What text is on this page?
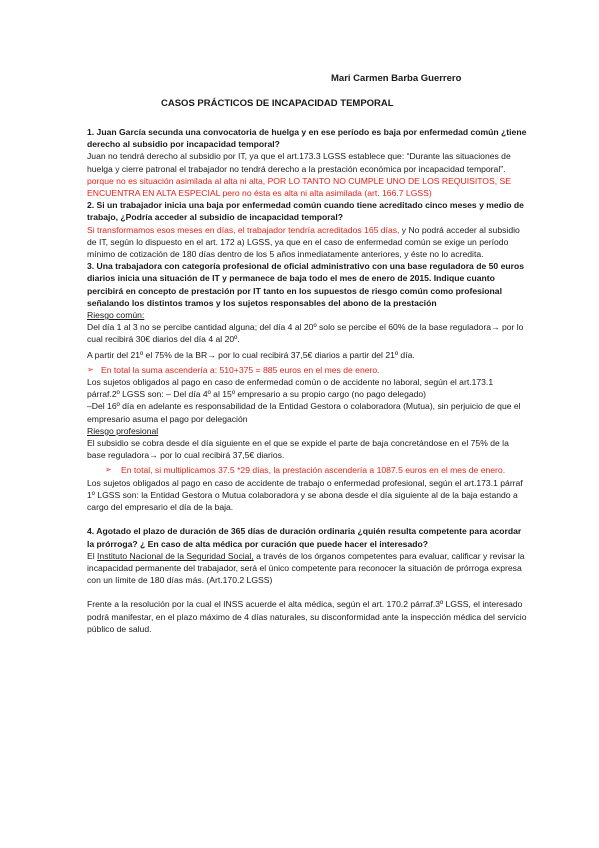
Mari Carmen Barba Guerrero
CASOS PRÁCTICOS DE INCAPACIDAD TEMPORAL

1. Juan García secunda una convocatoria de huelga y en ese período es baja por enfermedad común ¿tiene derecho al subsidio por incapacidad temporal?

Juan no tendrá derecho al subsidio por IT, ya que el art.173.3 LGSS establece que: “Durante las situaciones de huelga y cierre patronal el trabajador no tendrá derecho a la prestación económica por incapacidad temporal”. porque no es situación asimilada al alta ni alta, POR LO TANTO NO CUMPLE UNO DE LOS REQUISITOS, SE ENCUENTRA EN ALTA ESPECIAL pero no ésta es alta ni alta asimilada (art. 166.7 LGSS)

2. Si un trabajador inicia una baja por enfermedad común cuando tiene acreditado cinco meses y medio de trabajo, ¿Podría acceder al subsidio de incapacidad temporal?

Si transformamos esos meses en días, el trabajador tendría acreditados 165 días, y No podrá acceder al subsidio de IT, según lo dispuesto en el art. 172 a) LGSS, ya que en el caso de enfermedad común se exige un período mínimo de cotización de 180 días dentro de los 5 años inmediatamente anteriores, y éste no lo acredita.

3. Una trabajadora con categoría profesional de oficial administrativo con una base reguladora de 50 euros diarios inicia una situación de IT y permanece de baja todo el mes de enero de 2015. Indique cuanto percibirá en concepto de prestación por IT tanto en los supuestos de riesgo común como profesional señalando los distintos tramos y los sujetos responsables del abono de la prestación

Riesgo común:

Del día 1 al 3 no se percibe cantidad alguna; del día 4 al 20º solo se percibe el 60% de la base reguladora→ por lo cual recibirá 30€ diarios del día 4 al 20º.

A partir del 21º el 75% de la BR→ por lo cual recibirá 37,5€ diarios a partir del 21º día.

➢ En total la suma ascendería a: 510+375 = 885 euros en el mes de enero.

Los sujetos obligados al pago en caso de enfermedad común o de accidente no laboral, según el art.173.1 párraf.2º LGSS son: – Del día 4º al 15º empresario a su propio cargo (no pago delegado)

–Del 16º día en adelante es responsabilidad de la Entidad Gestora o colaboradora (Mutua), sin perjuicio de que el empresario asuma el pago por delegación

Riesgo profesional

El subsidio se cobra desde el día siguiente en el que se expide el parte de baja concretándose en el 75% de la base reguladora→ por lo cual recibirá 37,5€ diarios.

➢ En total, si multiplicamos 37.5 *29 días, la prestación ascendería a 1087.5 euros en el mes de enero.

Los sujetos obligados al pago en caso de accidente de trabajo o enfermedad profesional, según el art.173.1 párraf 1º LGSS son: la Entidad Gestora o Mutua colaboradora y se abona desde el día siguiente al de la baja estando a cargo del empresario el día de la baja.

4. Agotado el plazo de duración de 365 días de duración ordinaria ¿quién resulta competente para acordar la prórroga? ¿ En caso de alta médica por curación que puede hacer el interesado?

El Instituto Nacional de la Seguridad Social, a través de los órganos competentes para evaluar, calificar y revisar la incapacidad permanente del trabajador, será el único competente para reconocer la situación de prórroga expresa con un límite de 180 días más. (Art.170.2 LGSS)

Frente a la resolución por la cual el INSS acuerde el alta médica, según el art. 170.2 párraf.3º LGSS, el interesado podrá manifestar, en el plazo máximo de 4 días naturales, su disconformidad ante la inspección médica del servicio público de salud.
